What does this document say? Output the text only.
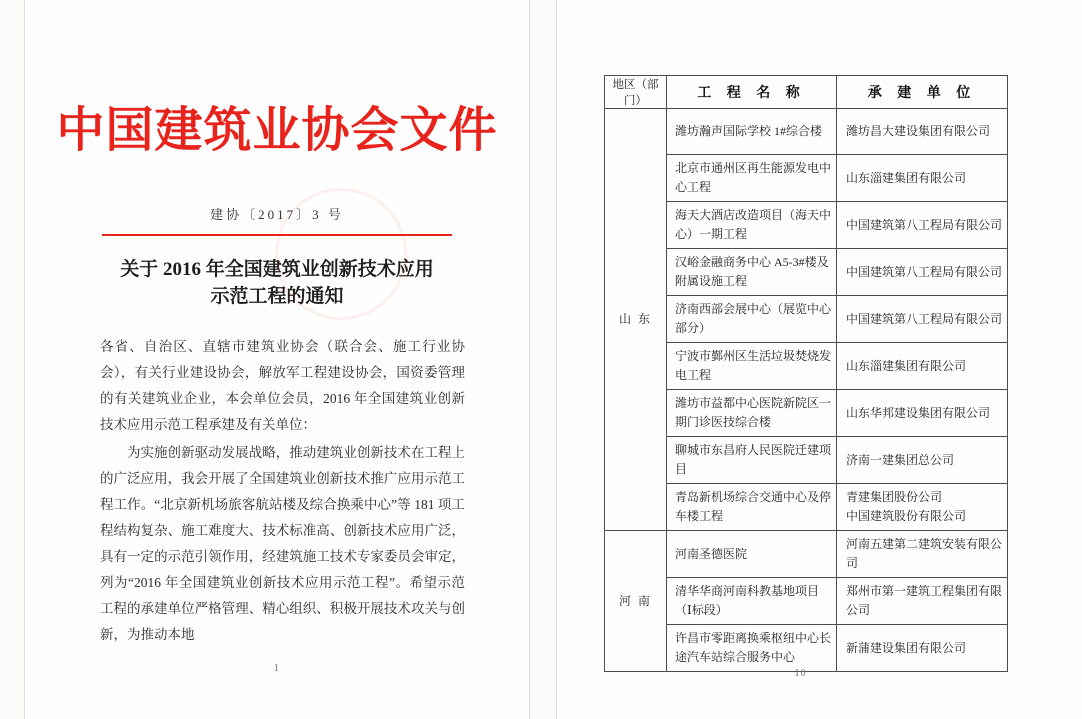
中国建筑业协会文件
建协〔2017〕3 号
关于 2016 年全国建筑业创新技术应用
示范工程的通知

各省、自治区、直辖市建筑业协会（联合会、施工行业协会），有关行业建设协会，解放军工程建设协会，国资委管理的有关建筑业企业，本会单位会员，2016 年全国建筑业创新技术应用示范工程承建及有关单位：

为实施创新驱动发展战略，推动建筑业创新技术在工程上的广泛应用，我会开展了全国建筑业创新技术推广应用示范工程工作。“北京新机场旅客航站楼及综合换乘中心”等 181 项工程结构复杂、施工难度大、技术标准高、创新技术应用广泛，具有一定的示范引领作用，经建筑施工技术专家委员会审定，列为“2016 年全国建筑业创新技术应用示范工程”。希望示范工程的承建单位严格管理、精心组织、积极开展技术攻关与创新，为推动本地

1
地区（部门）	工 程 名 称	承 建 单 位
山 东	潍坊瀚声国际学校 1#综合楼	潍坊昌大建设集团有限公司

	北京市通州区再生能源发电中心工程	山东淄建集团有限公司

	海天大酒店改造项目（海天中心）一期工程	中国建筑第八工程局有限公司

	汉峪金融商务中心 A5-3#楼及附属设施工程	中国建筑第八工程局有限公司

	济南西部会展中心（展览中心部分）	中国建筑第八工程局有限公司

	宁波市鄞州区生活垃圾焚烧发电工程	山东淄建集团有限公司

	潍坊市益都中心医院新院区一期门诊医技综合楼	山东华邦建设集团有限公司

	聊城市东昌府人民医院迁建项目	济南一建集团总公司

	青岛新机场综合交通中心及停车楼工程	青建集团股份公司
中国建筑股份有限公司

河 南	河南圣德医院	河南五建第二建筑安装有限公司

	清华华商河南科教基地项目（Ⅰ标段）	郑州市第一建筑工程集团有限公司

	许昌市零距离换乘枢纽中心长途汽车站综合服务中心	新蒲建设集团有限公司
10
